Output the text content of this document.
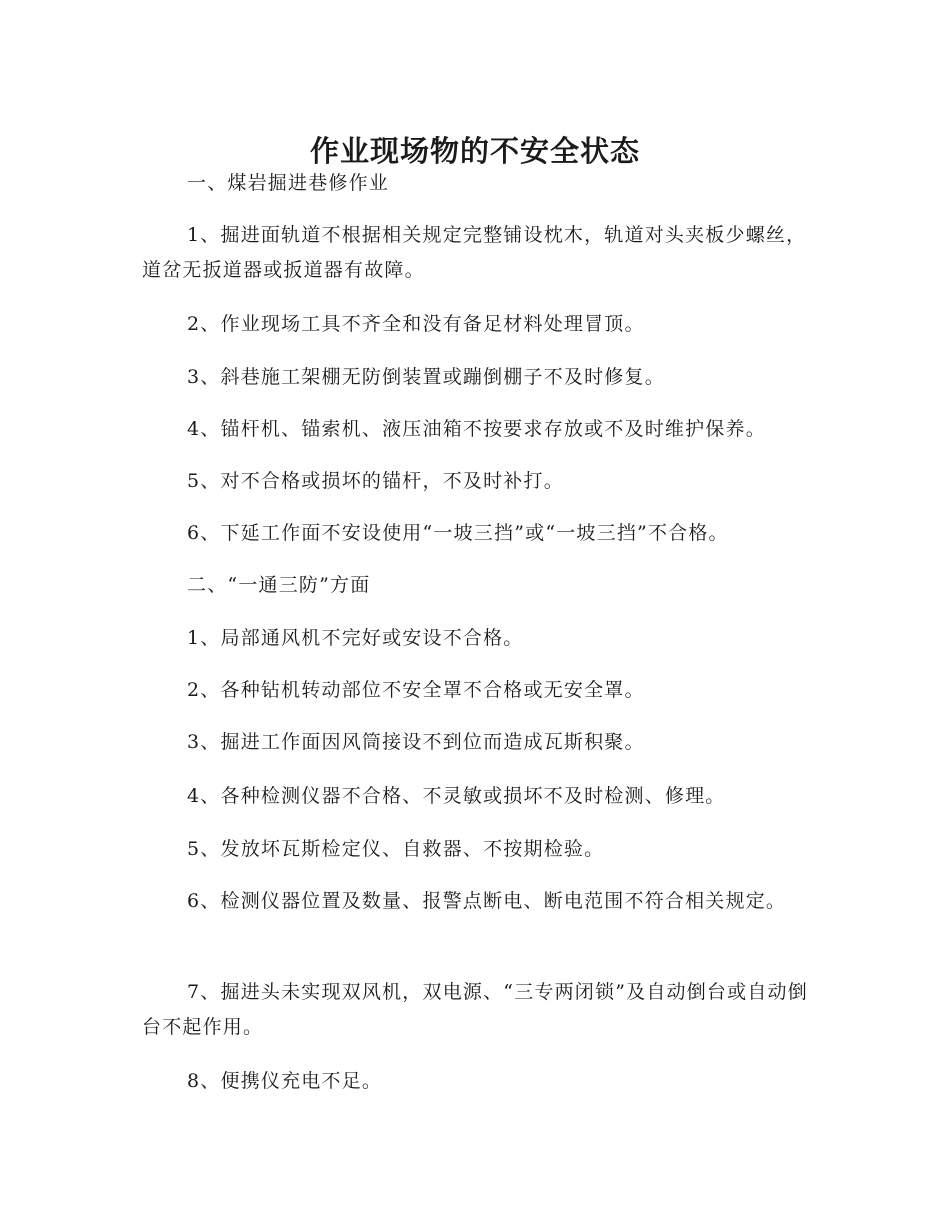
作业现场物的不安全状态

一、煤岩掘进巷修作业

1、掘进面轨道不根据相关规定完整铺设枕木，轨道对头夹板少螺丝，道岔无扳道器或扳道器有故障。

2、作业现场工具不齐全和没有备足材料处理冒顶。

3、斜巷施工架棚无防倒装置或蹦倒棚子不及时修复。

4、锚杆机、锚索机、液压油箱不按要求存放或不及时维护保养。

5、对不合格或损坏的锚杆，不及时补打。

6、下延工作面不安设使用“一坡三挡”或“一坡三挡”不合格。

二、“一通三防”方面

1、局部通风机不完好或安设不合格。

2、各种钻机转动部位不安全罩不合格或无安全罩。

3、掘进工作面因风筒接设不到位而造成瓦斯积聚。

4、各种检测仪器不合格、不灵敏或损坏不及时检测、修理。

5、发放坏瓦斯检定仪、自救器、不按期检验。

6、检测仪器位置及数量、报警点断电、断电范围不符合相关规定。

7、掘进头未实现双风机，双电源、“三专两闭锁”及自动倒台或自动倒台不起作用。

8、便携仪充电不足。
